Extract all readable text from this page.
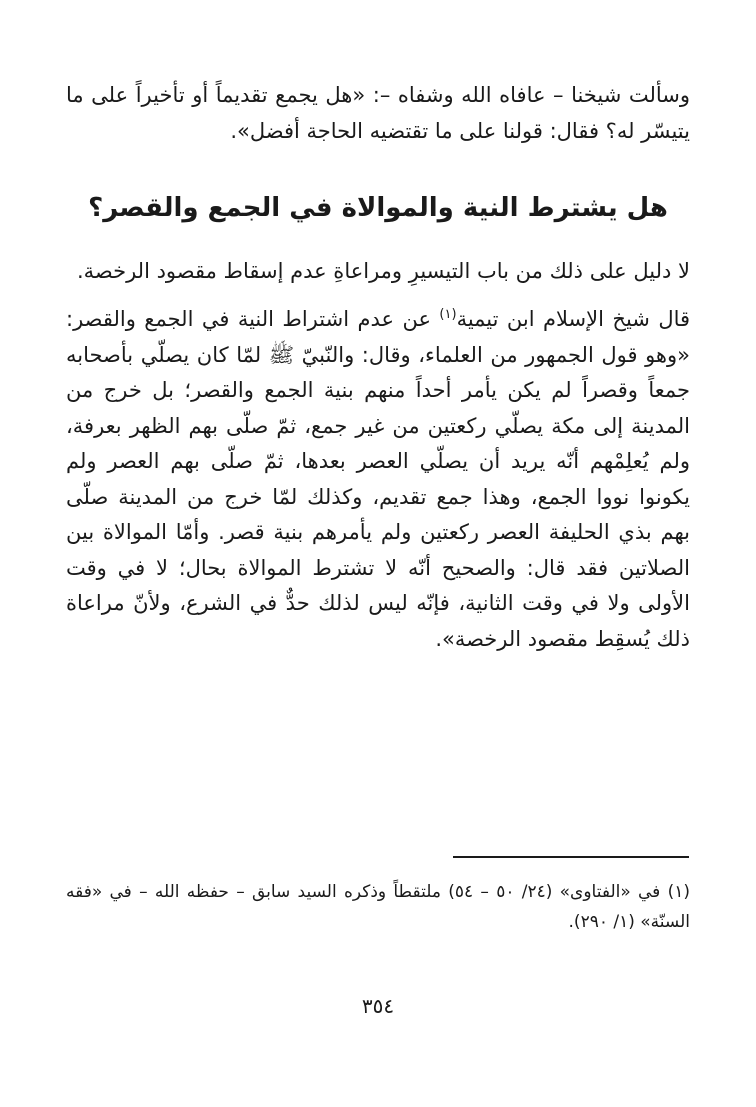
وسألت شيخنا – عافاه الله وشفاه –: «هل يجمع تقديماً أو تأخيراً على ما يتيسّر له؟ فقال: قولنا على ما تقتضيه الحاجة أفضل».

هل يشترط النية والموالاة في الجمع والقصر؟

لا دليل على ذلك من باب التيسيرِ ومراعاةِ عدم إسقاط مقصود الرخصة.

قال شيخ الإسلام ابن تيمية$^{(١)}$ عن عدم اشتراط النية في الجمع والقصر: «وهو قول الجمهور من العلماء، وقال: والنّبيّ ﷺ لمّا كان يصلّي بأصحابه جمعاً وقصراً لم يكن يأمر أحداً منهم بنية الجمع والقصر؛ بل خرج من المدينة إلى مكة يصلّي ركعتين من غير جمع، ثمّ صلّى بهم الظهر بعرفة، ولم يُعلِمْهم أنّه يريد أن يصلّي العصر بعدها، ثمّ صلّى بهم العصر ولم يكونوا نووا الجمع، وهذا جمع تقديم، وكذلك لمّا خرج من المدينة صلّى بهم بذي الحليفة العصر ركعتين ولم يأمرهم بنية قصر. وأمّا الموالاة بين الصلاتين فقد قال: والصحيح أنّه لا تشترط الموالاة بحال؛ لا في وقت الأولى ولا في وقت الثانية، فإنّه ليس لذلك حدٌّ في الشرع، ولأنّ مراعاة ذلك يُسقِط مقصود الرخصة».

(١) في «الفتاوى» (٢٤/ ٥٠ – ٥٤) ملتقطاً وذكره السيد سابق – حفظه الله – في «فقه السنّة» (١/ ٢٩٠).

٣٥٤
